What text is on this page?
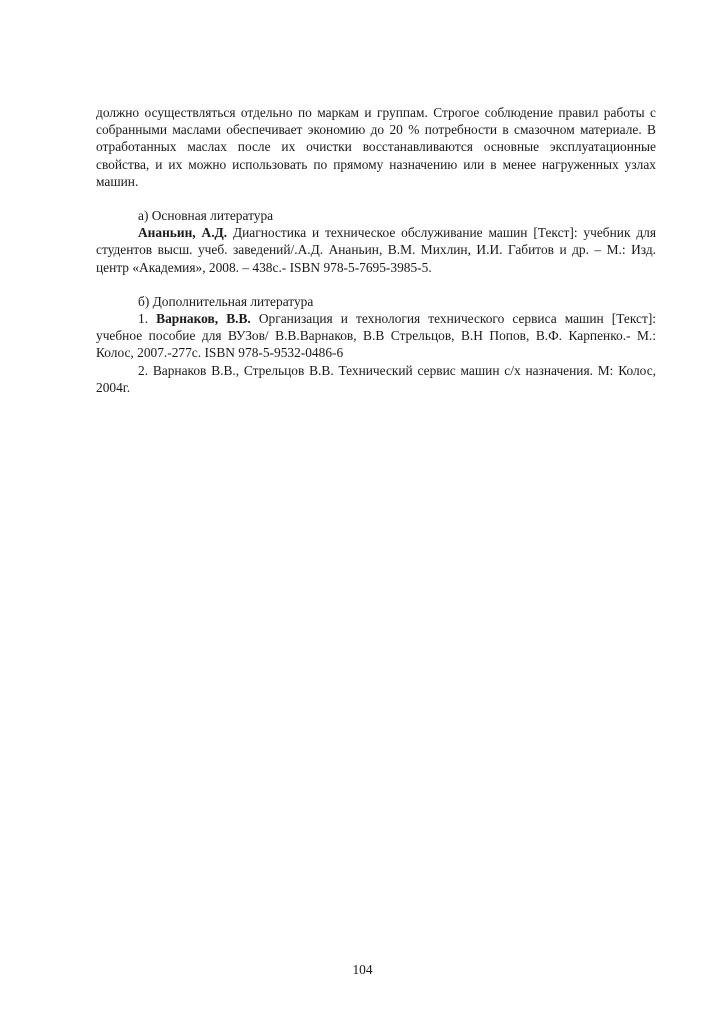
должно осуществляться отдельно по маркам и группам. Строгое соблюдение правил работы с собранными маслами обеспечивает экономию до 20 % потребности в смазочном материале. В отработанных маслах после их очистки восстанавливаются основные эксплуатационные свойства, и их можно использовать по прямому назначению или в менее нагруженных узлах машин.

а) Основная литература

Ананьин, А.Д. Диагностика и техническое обслуживание машин [Текст]: учебник для студентов высш. учеб. заведений/.А.Д. Ананьин, В.М. Михлин, И.И. Габитов и др. – М.: Изд. центр «Академия», 2008. – 438с.- ISBN 978-5-7695-3985-5.

б) Дополнительная литература

1. Варнаков, В.В. Организация и технология технического сервиса машин [Текст]: учебное пособие для ВУЗов/ В.В.Варнаков, В.В Стрельцов, В.Н Попов, В.Ф. Карпенко.- М.: Колос, 2007.-277с. ISBN 978-5-9532-0486-6

2. Варнаков В.В., Стрельцов В.В. Технический сервис машин с/х назначения. М: Колос, 2004г.

104
